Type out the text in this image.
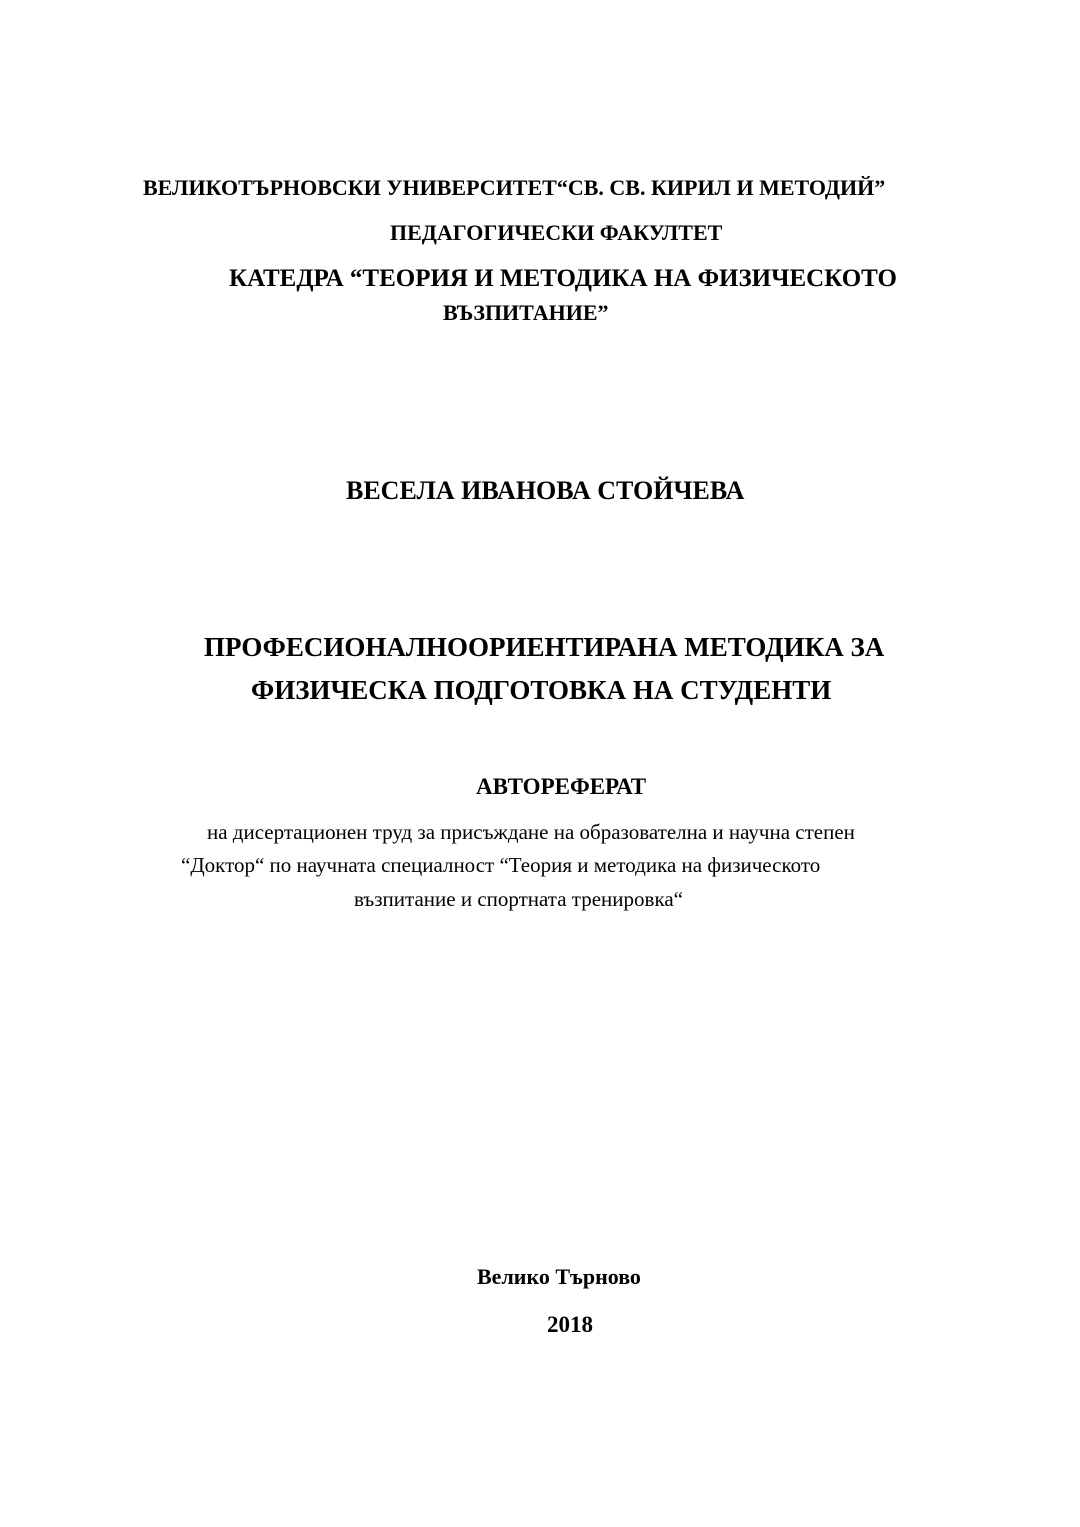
ВЕЛИКОТЪРНОВСКИ УНИВЕРСИТЕТ“СВ. СВ. КИРИЛ И МЕТОДИЙ”
ПЕДАГОГИЧЕСКИ ФАКУЛТЕТ
КАТЕДРА “ТЕОРИЯ И МЕТОДИКА НА ФИЗИЧЕСКОТО
ВЪЗПИТАНИЕ”
ВЕСЕЛА ИВАНОВА СТОЙЧЕВА
ПРОФЕСИОНАЛНООРИЕНТИРАНА МЕТОДИКА ЗА
ФИЗИЧЕСКА ПОДГОТОВКА НА СТУДЕНТИ
АВТОРЕФЕРАТ
на дисертационен труд за присъждане на образователна и научна степен
“Доктор“ по научната специалност “Теория и методика на физическото
възпитание и спортната тренировка“
Велико Търново
2018
